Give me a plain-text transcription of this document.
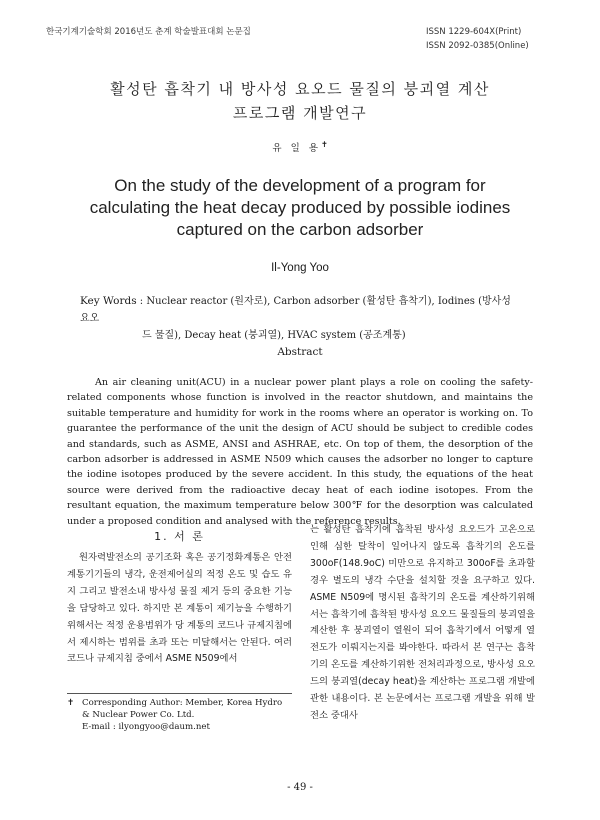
한국기계기술학회 2016년도 춘계 학술발표대회 논문집	ISSN 1229-604X(Print)
ISSN 2092-0385(Online)
활성탄 흡착기 내 방사성 요오드 물질의 붕괴열 계산
프로그램 개발연구
유 일 용✝
On the study of the development of a program for
calculating the heat decay produced by possible iodines
captured on the carbon adsorber
Il-Yong Yoo
Key Words : Nuclear reactor (원자로), Carbon adsorber (활성탄 흡착기), Iodines (방사성 요오
드 물질), Decay heat (붕괴열), HVAC system (공조계통)
Abstract
An air cleaning unit(ACU) in a nuclear power plant plays a role on cooling the safety-related components whose function is involved in the reactor shutdown, and maintains the suitable temperature and humidity for work in the rooms where an operator is working on. To guarantee the performance of the unit the design of ACU should be subject to credible codes and standards, such as ASME, ANSI and ASHRAE, etc. On top of them, the desorption of the carbon adsorber is addressed in ASME N509 which causes the adsorber no longer to capture the iodine isotopes produced by the severe accident. In this study, the equations of the heat source were derived from the radioactive decay heat of each iodine isotopes. From the resultant equation, the maximum temperature below 300℉ for the desorption was calculated under a proposed condition and analysed with the reference results.
1. 서 론
원자력발전소의 공기조화 혹은 공기정화계통은 안전계통기기들의 냉각, 운전제어실의 적정 온도 및 습도 유지 그리고 발전소내 방사성 물질 제거 등의 중요한 기능을 담당하고 있다. 하지만 본 계통이 제기능을 수행하기 위해서는 적정 운용범위가 당 계통의 코드나 규제지침에서 제시하는 범위를 초과 또는 미달해서는 안된다. 여러 코드나 규제지침 중에서 ASME N509에서
는 활성탄 흡착기에 흡착된 방사성 요오드가 고온으로 인해 심한 탈착이 일어나지 않도록 흡착기의 온도를 300oF(148.9oC) 미만으로 유지하고 300oF를 초과할 경우 별도의 냉각 수단을 설치할 것을 요구하고 있다. ASME N509에 명시된 흡착기의 온도를 계산하기위해서는 흡착기에 흡착된 방사성 요오드 물질들의 붕괴열을 계산한 후 붕괴열이 열원이 되어 흡착기에서 어떻게 열전도가 이뤄지는지를 봐야한다. 따라서 본 연구는 흡착기의 온도를 계산하기위한 전처리과정으로, 방사성 요오드의 붕괴열(decay heat)을 계산하는 프로그램 개발에 관한 내용이다. 본 논문에서는 프로그램 개발을 위해 발전소 중대사
✝ Corresponding Author: Member, Korea Hydro & Nuclear Power Co. Ltd.
E-mail : ilyongyoo@daum.net
- 49 -
